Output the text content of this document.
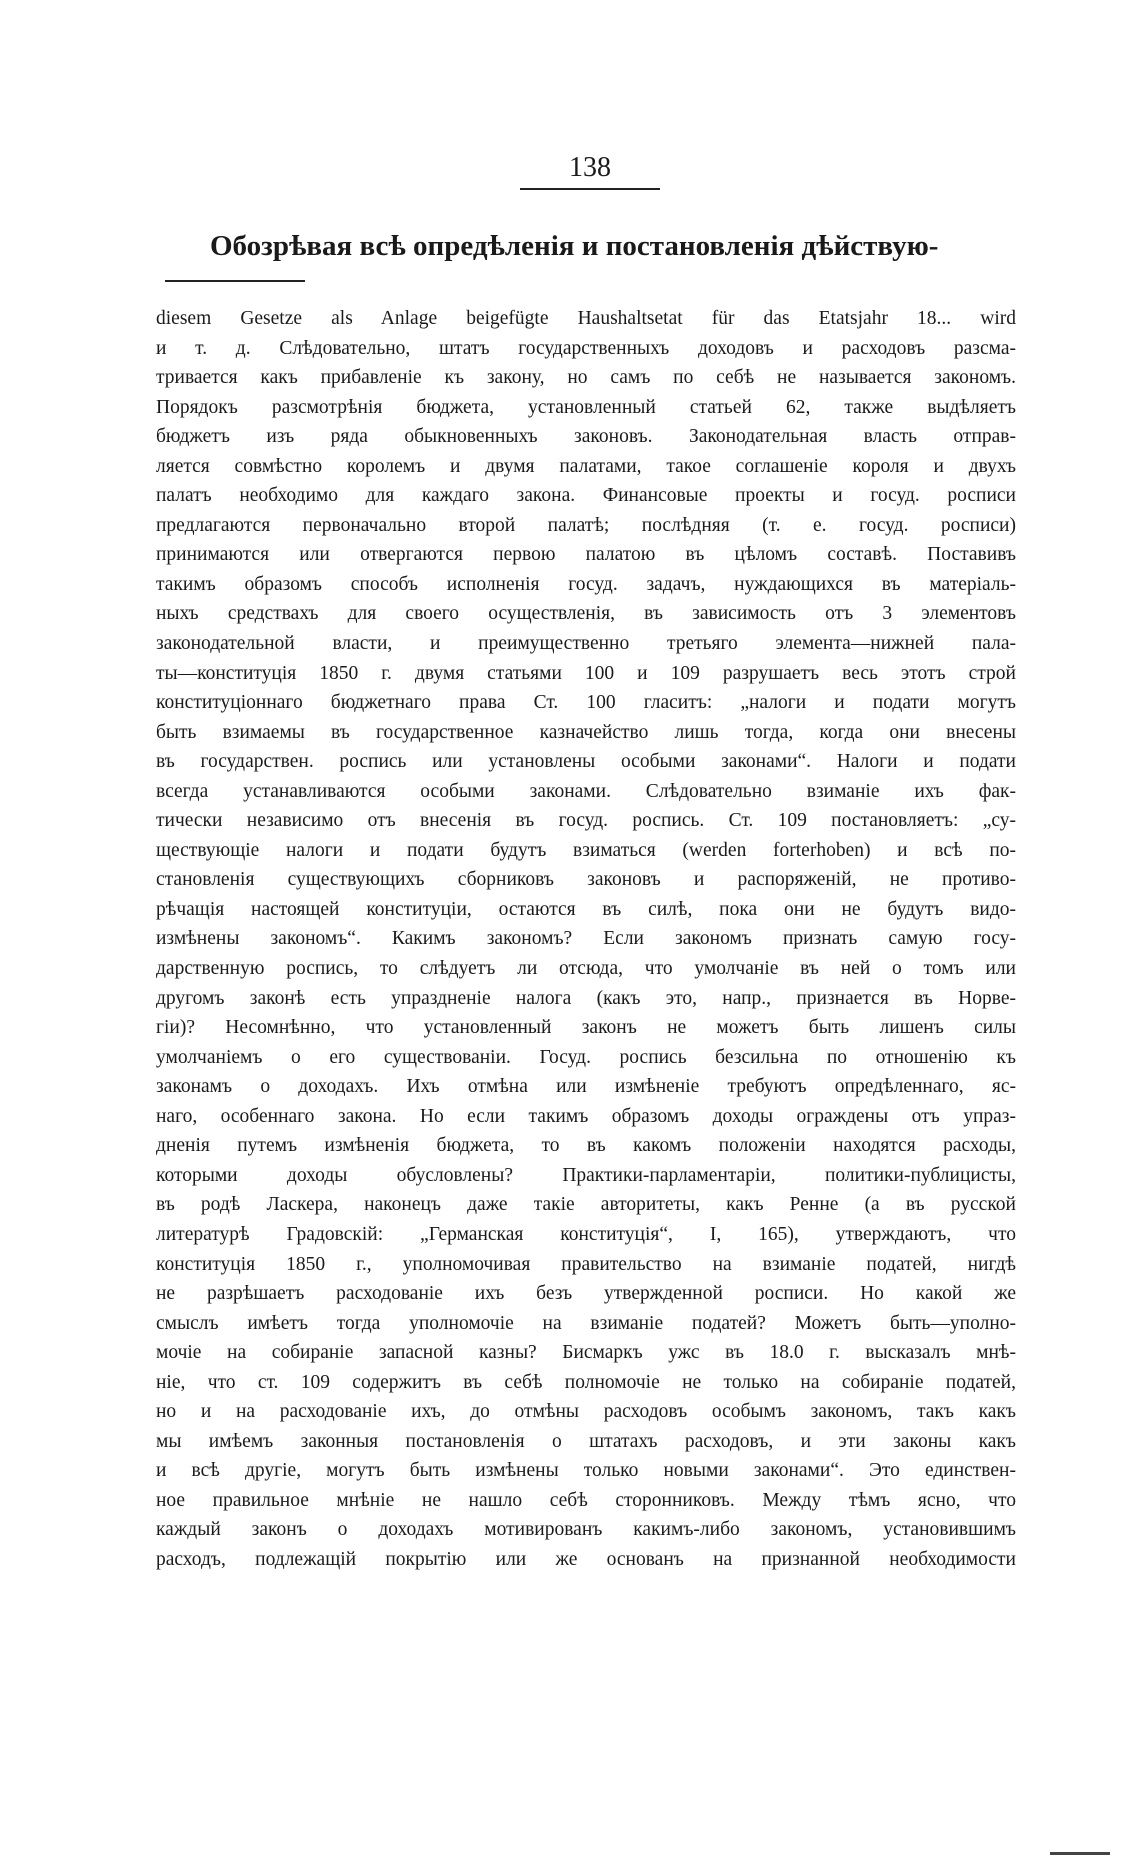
138
Обозрѣвая всѣ опредѣленія и постановленія дѣйствую-
diesem Gesetze als Anlage beigefügte Haushaltsetat für das Etatsjahr 18... wird
и т. д. Слѣдовательно, штатъ государственныхъ доходовъ и расходовъ разсма-
тривается какъ прибавленіе къ закону, но самъ по себѣ не называется закономъ.
Порядокъ разсмотрѣнія бюджета, установленный статьей 62, также выдѣляетъ
бюджетъ изъ ряда обыкновенныхъ законовъ. Законодательная власть отправ-
ляется совмѣстно королемъ и двумя палатами, такое соглашеніе короля и двухъ
палатъ необходимо для каждаго закона. Финансовые проекты и госуд. росписи
предлагаются первоначально второй палатѣ; послѣдняя (т. е. госуд. росписи)
принимаются или отвергаются первою палатою въ цѣломъ составѣ. Поставивъ
такимъ образомъ способъ исполненія госуд. задачъ, нуждающихся въ матеріаль-
ныхъ средствахъ для своего осуществленія, въ зависимость отъ 3 элементовъ
законодательной власти, и преимущественно третьяго элемента—нижней пала-
ты—конституція 1850 г. двумя статьями 100 и 109 разрушаетъ весь этотъ строй
конституціоннаго бюджетнаго права Ст. 100 гласитъ: „налоги и подати могутъ
быть взимаемы въ государственное казначейство лишь тогда, когда они внесены
въ государствен. роспись или установлены особыми законами“. Налоги и подати
всегда устанавливаются особыми законами. Слѣдовательно взиманіе ихъ фак-
тически независимо отъ внесенія въ госуд. роспись. Ст. 109 постановляетъ: „су-
ществующіе налоги и подати будутъ взиматься (werden forterhoben) и всѣ по-
становленія существующихъ сборниковъ законовъ и распоряженій, не противо-
рѣчащія настоящей конституціи, остаются въ силѣ, пока они не будутъ видо-
измѣнены закономъ“. Какимъ закономъ? Если закономъ признать самую госу-
дарственную роспись, то слѣдуетъ ли отсюда, что умолчаніе въ ней о томъ или
другомъ законѣ есть упраздненіе налога (какъ это, напр., признается въ Норве-
гіи)? Несомнѣнно, что установленный законъ не можетъ быть лишенъ силы
умолчаніемъ о его существованіи. Госуд. роспись безсильна по отношенію къ
законамъ о доходахъ. Ихъ отмѣна или измѣненіе требуютъ опредѣленнаго, яс-
наго, особеннаго закона. Но если такимъ образомъ доходы ограждены отъ упраз-
дненія путемъ измѣненія бюджета, то въ какомъ положеніи находятся расходы,
которыми доходы обусловлены? Практики-парламентаріи, политики-публицисты,
въ родѣ Ласкера, наконецъ даже такіе авторитеты, какъ Ренне (а въ русской
литературѣ Градовскій: „Германская конституція“, I, 165), утверждаютъ, что
конституція 1850 г., уполномочивая правительство на взиманіе податей, нигдѣ
не разрѣшаетъ расходованіе ихъ безъ утвержденной росписи. Но какой же
смыслъ имѣетъ тогда уполномочіе на взиманіе податей? Можетъ быть—уполно-
мочіе на собираніе запасной казны? Бисмаркъ ужс въ 18.0 г. высказалъ мнѣ-
ніе, что ст. 109 содержитъ въ себѣ полномочіе не только на собираніе податей,
но и на расходованіе ихъ, до отмѣны расходовъ особымъ закономъ, такъ какъ
мы имѣемъ законныя постановленія о штатахъ расходовъ, и эти законы какъ
и всѣ другіе, могутъ быть измѣнены только новыми законами“. Это единствен-
ное правильное мнѣніе не нашло себѣ сторонниковъ. Между тѣмъ ясно, что
каждый законъ о доходахъ мотивированъ какимъ-либо закономъ, установившимъ
расходъ, подлежащій покрытію или же основанъ на признанной необходимости
